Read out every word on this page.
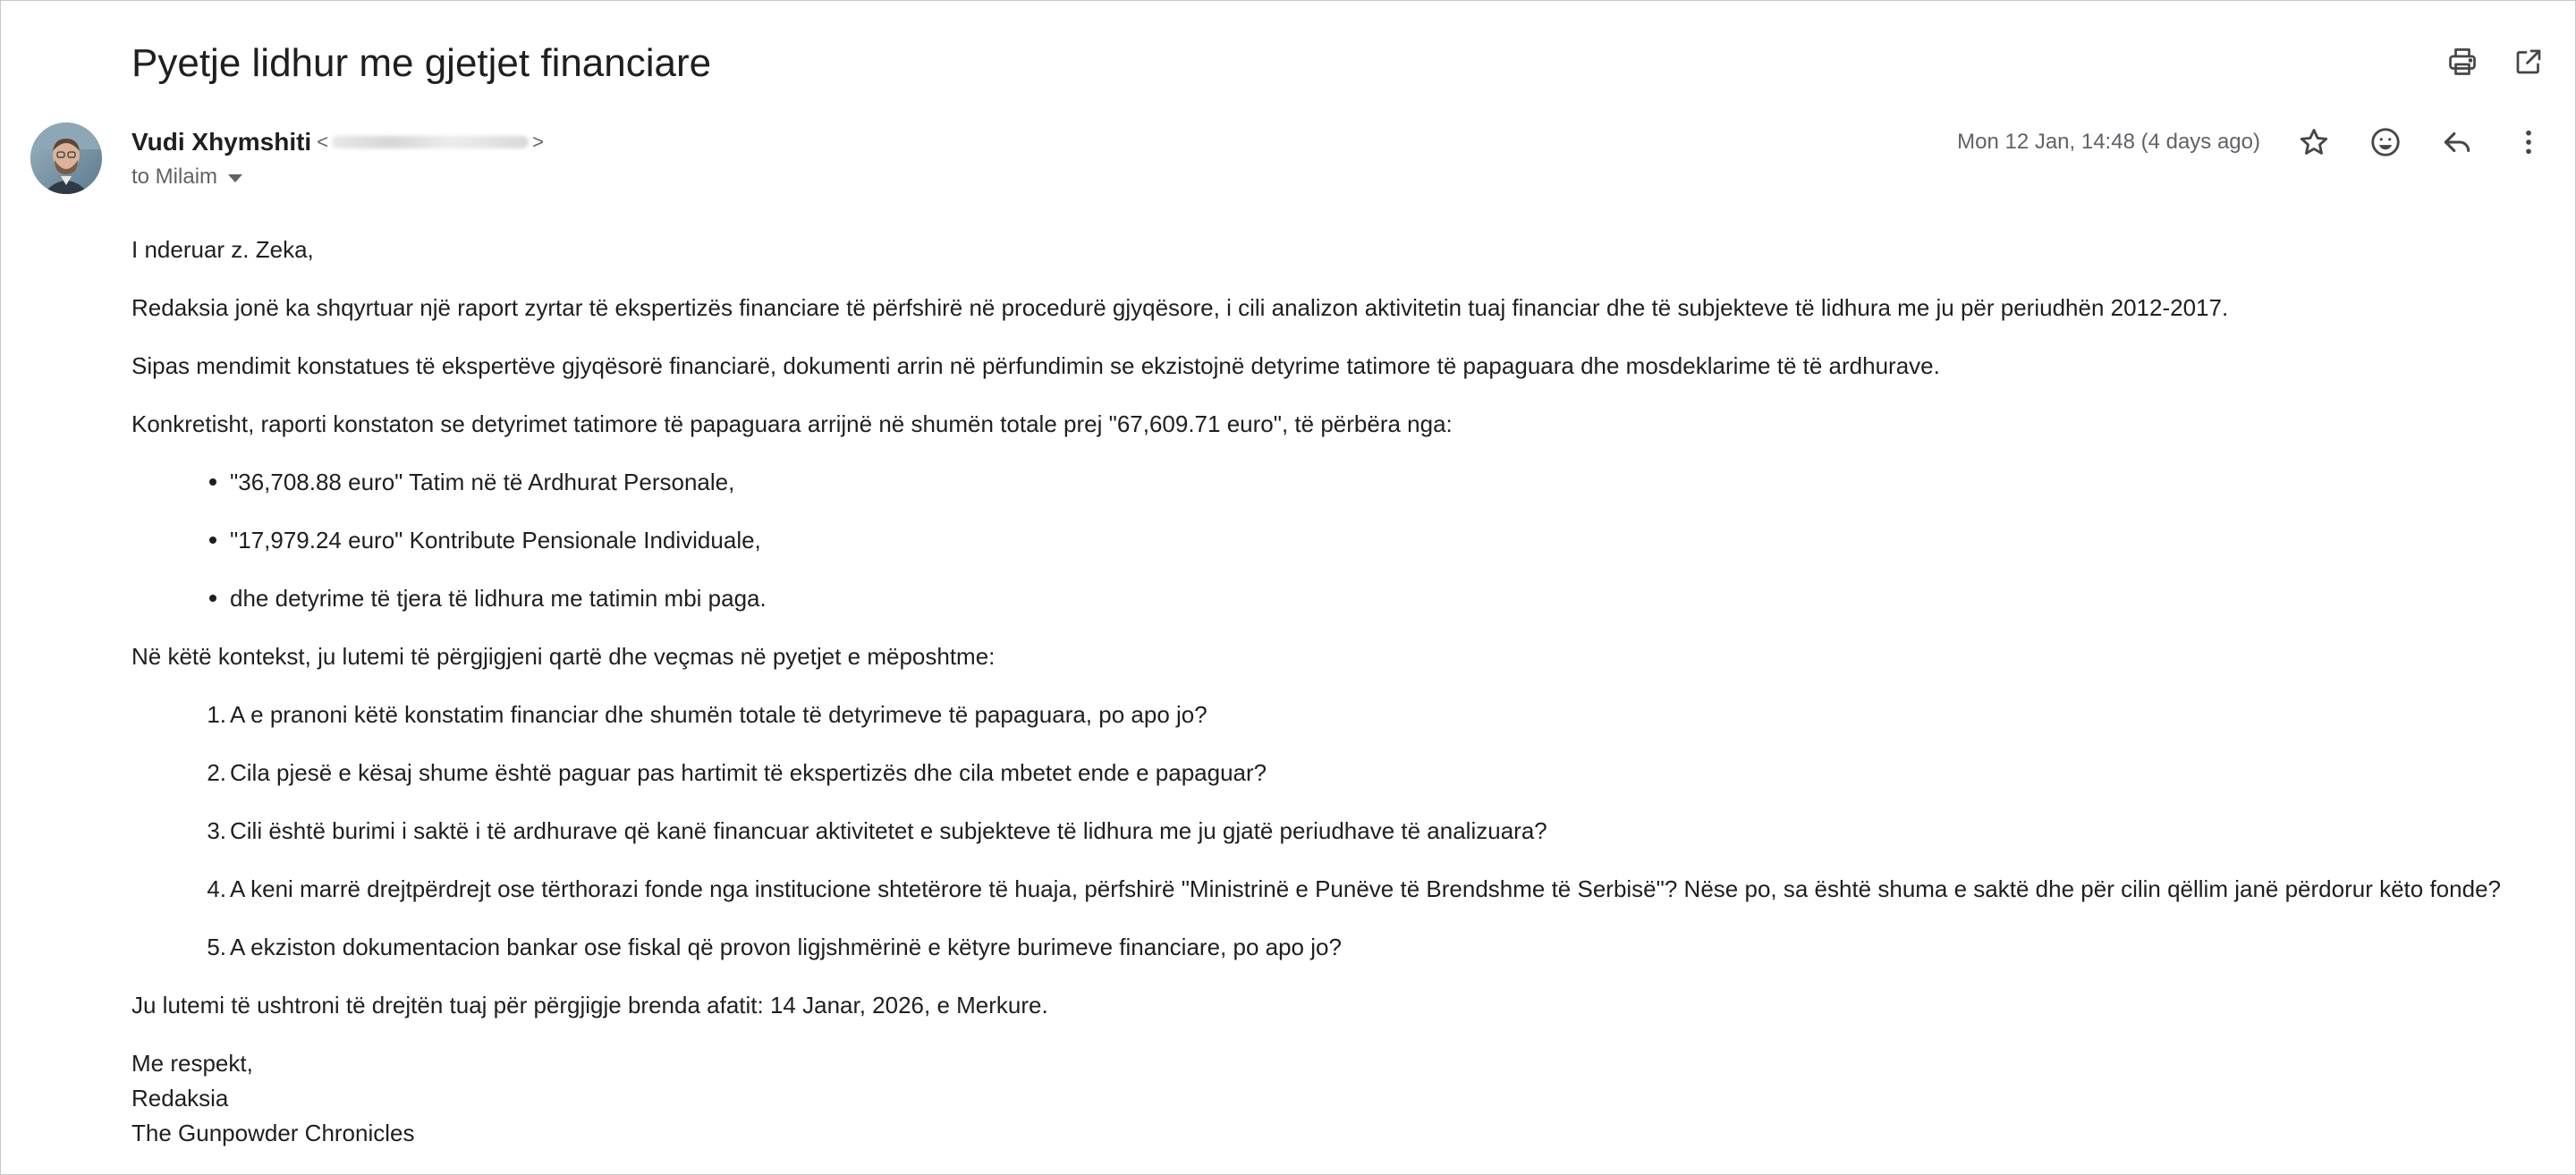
Pyetje lidhur me gjetjet financiare
Vudi Xhymshiti <	>
to Milaim
Mon 12 Jan, 14:48 (4 days ago)
I nderuar z. Zeka,
Redaksia jonë ka shqyrtuar një raport zyrtar të ekspertizës financiare të përfshirë në procedurë gjyqësore, i cili analizon aktivitetin tuaj financiar dhe të subjekteve të lidhura me ju për periudhën 2012-2017.
Sipas mendimit konstatues të ekspertëve gjyqësorë financiarë, dokumenti arrin në përfundimin se ekzistojnë detyrime tatimore të papaguara dhe mosdeklarime të të ardhurave.
Konkretisht, raporti konstaton se detyrimet tatimore të papaguara arrijnë në shumën totale prej "67,609.71 euro", të përbëra nga:
"36,708.88 euro" Tatim në të Ardhurat Personale,
"17,979.24 euro" Kontribute Pensionale Individuale,
dhe detyrime të tjera të lidhura me tatimin mbi paga.
Në këtë kontekst, ju lutemi të përgjigjeni qartë dhe veçmas në pyetjet e mëposhtme:
1. A e pranoni këtë konstatim financiar dhe shumën totale të detyrimeve të papaguara, po apo jo?
2. Cila pjesë e kësaj shume është paguar pas hartimit të ekspertizës dhe cila mbetet ende e papaguar?
3. Cili është burimi i saktë i të ardhurave që kanë financuar aktivitetet e subjekteve të lidhura me ju gjatë periudhave të analizuara?
4. A keni marrë drejtpërdrejt ose tërthorazi fonde nga institucione shtetërore të huaja, përfshirë "Ministrinë e Punëve të Brendshme të Serbisë"? Nëse po, sa është shuma e saktë dhe për cilin qëllim janë përdorur këto fonde?
5. A ekziston dokumentacion bankar ose fiskal që provon ligjshmërinë e këtyre burimeve financiare, po apo jo?
Ju lutemi të ushtroni të drejtën tuaj për përgjigje brenda afatit: 14 Janar, 2026, e Merkure.
Me respekt,
Redaksia
The Gunpowder Chronicles
